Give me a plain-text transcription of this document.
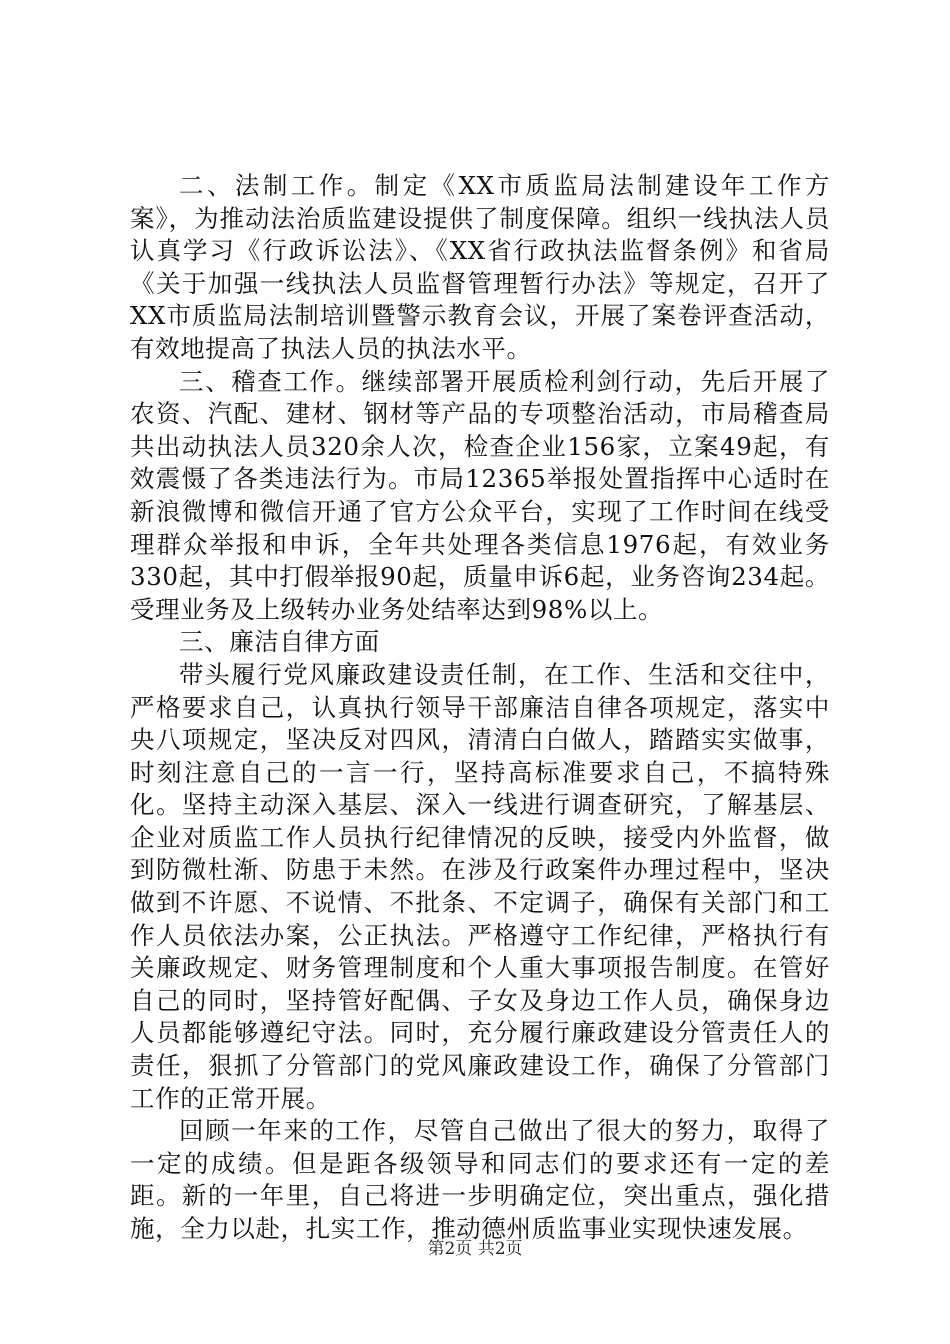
二、法制工作。制定《XX市质监局法制建设年工作方案》，为推动法治质监建设提供了制度保障。组织一线执法人员认真学习《行政诉讼法》、《XX省行政执法监督条例》和省局《关于加强一线执法人员监督管理暂行办法》等规定，召开了XX市质监局法制培训暨警示教育会议，开展了案卷评查活动，有效地提高了执法人员的执法水平。

三、稽查工作。继续部署开展质检利剑行动，先后开展了农资、汽配、建材、钢材等产品的专项整治活动，市局稽查局共出动执法人员320余人次，检查企业156家，立案49起，有效震慑了各类违法行为。市局12365举报处置指挥中心适时在新浪微博和微信开通了官方公众平台，实现了工作时间在线受理群众举报和申诉，全年共处理各类信息1976起，有效业务330起，其中打假举报90起，质量申诉6起，业务咨询234起。受理业务及上级转办业务处结率达到98%以上。

三、廉洁自律方面

带头履行党风廉政建设责任制，在工作、生活和交往中，严格要求自己，认真执行领导干部廉洁自律各项规定，落实中央八项规定，坚决反对四风，清清白白做人，踏踏实实做事，时刻注意自己的一言一行，坚持高标准要求自己，不搞特殊化。坚持主动深入基层、深入一线进行调查研究，了解基层、企业对质监工作人员执行纪律情况的反映，接受内外监督，做到防微杜渐、防患于未然。在涉及行政案件办理过程中，坚决做到不许愿、不说情、不批条、不定调子，确保有关部门和工作人员依法办案，公正执法。严格遵守工作纪律，严格执行有关廉政规定、财务管理制度和个人重大事项报告制度。在管好自己的同时，坚持管好配偶、子女及身边工作人员，确保身边人员都能够遵纪守法。同时，充分履行廉政建设分管责任人的责任，狠抓了分管部门的党风廉政建设工作，确保了分管部门工作的正常开展。

回顾一年来的工作，尽管自己做出了很大的努力，取得了一定的成绩。但是距各级领导和同志们的要求还有一定的差距。新的一年里，自己将进一步明确定位，突出重点，强化措施，全力以赴，扎实工作，推动德州质监事业实现快速发展。

第2页 共2页
